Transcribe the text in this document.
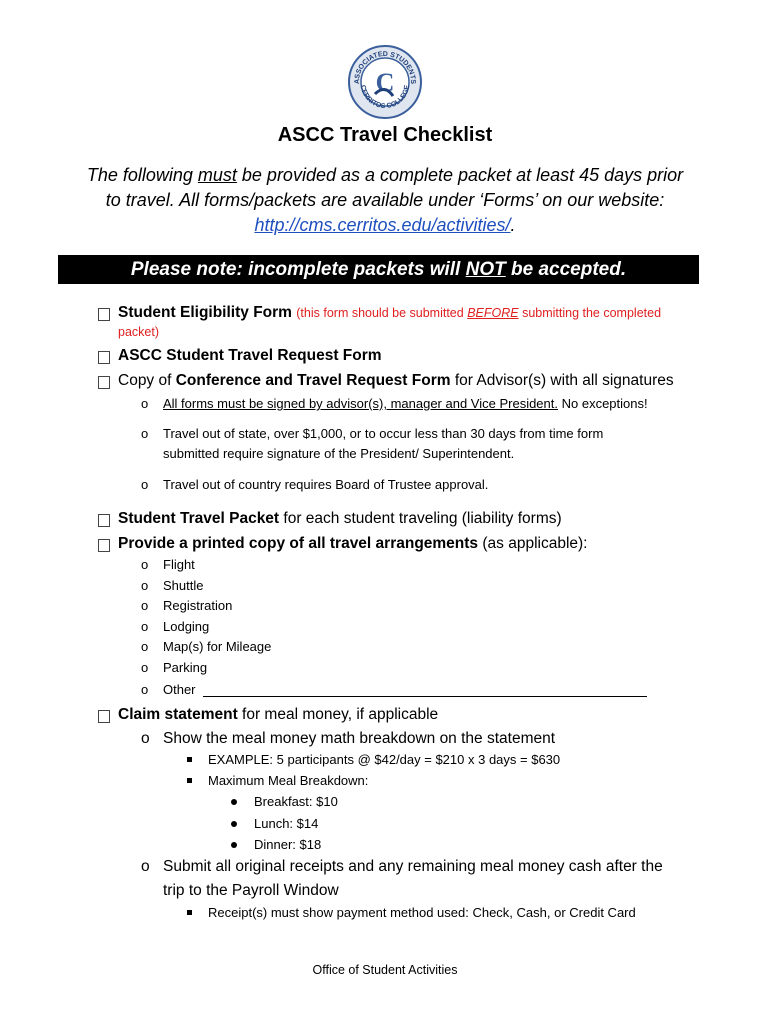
ASSOCIATED STUDENTS
CERRITOS COLLEGE
C
ASCC Travel Checklist
The following must be provided as a complete packet at least 45 days prior
to travel. All forms/packets are available under ‘Forms’ on our website:
http://cms.cerritos.edu/activities/.
Please note: incomplete packets will NOT be accepted.
Student Eligibility Form (this form should be submitted BEFORE submitting the completed
packet)
ASCC Student Travel Request Form
Copy of Conference and Travel Request Form for Advisor(s) with all signatures
o All forms must be signed by advisor(s), manager and Vice President. No exceptions!
o Travel out of state, over $1,000, or to occur less than 30 days from time form
submitted require signature of the President/ Superintendent.
o Travel out of country requires Board of Trustee approval.
Student Travel Packet for each student traveling (liability forms)
Provide a printed copy of all travel arrangements (as applicable):
o Flight
o Shuttle
o Registration
o Lodging
o Map(s) for Mileage
o Parking
o Other
Claim statement for meal money, if applicable
o Show the meal money math breakdown on the statement
EXAMPLE: 5 participants @ $42/day = $210 x 3 days = $630
Maximum Meal Breakdown:
Breakfast: $10
Lunch: $14
Dinner: $18
o Submit all original receipts and any remaining meal money cash after the
trip to the Payroll Window
Receipt(s) must show payment method used: Check, Cash, or Credit Card
Office of Student Activities
